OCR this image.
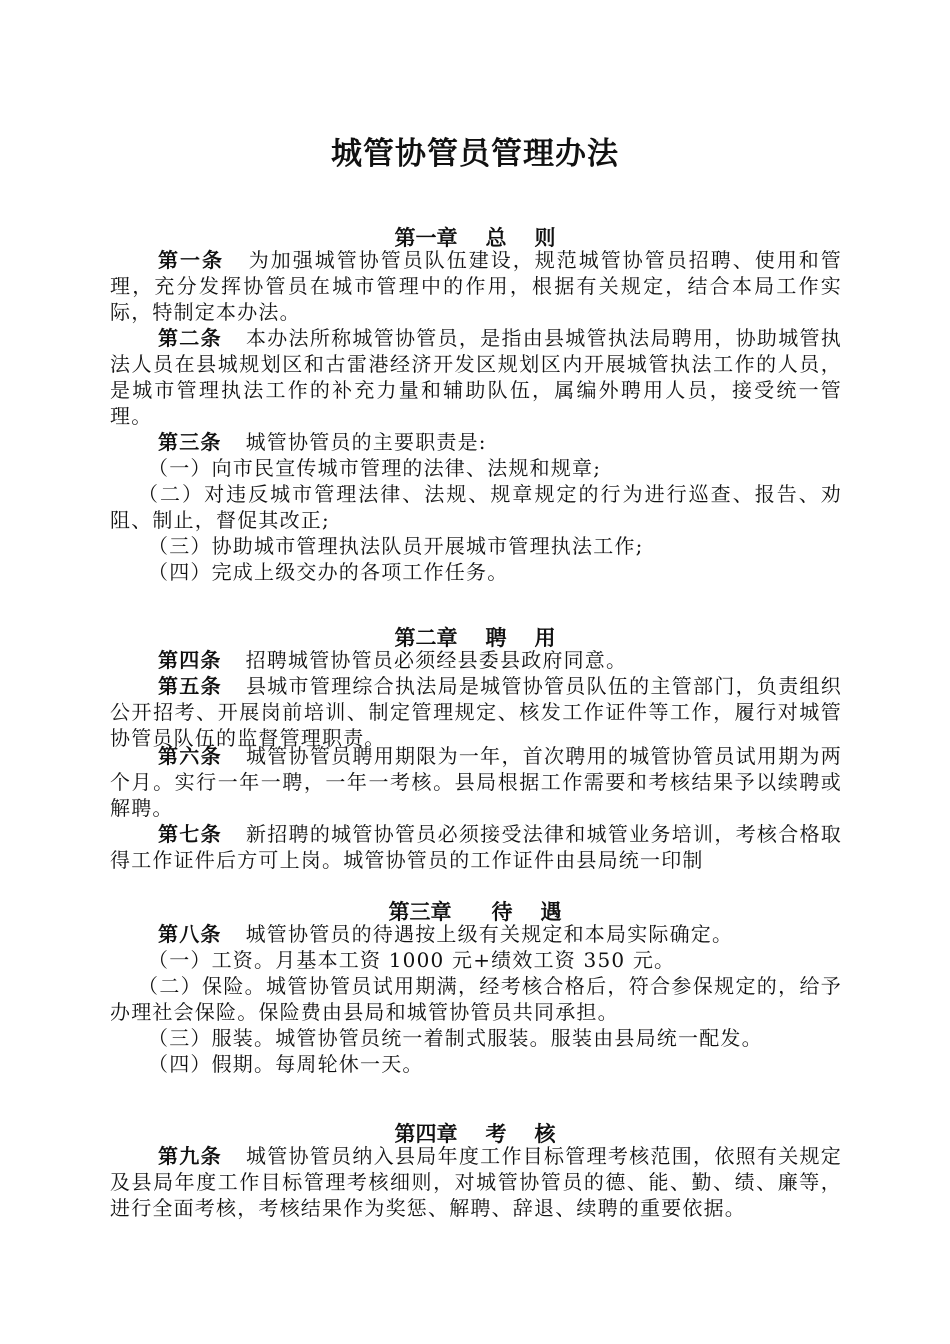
城管协管员管理办法
第一章 总 则
第一条 为加强城管协管员队伍建设，规范城管协管员招聘、使用和管理，充分发挥协管员在城市管理中的作用，根据有关规定，结合本局工作实际，特制定本办法。
第二条 本办法所称城管协管员，是指由县城管执法局聘用，协助城管执法人员在县城规划区和古雷港经济开发区规划区内开展城管执法工作的人员，是城市管理执法工作的补充力量和辅助队伍，属编外聘用人员，接受统一管理。
第三条 城管协管员的主要职责是:
（一）向市民宣传城市管理的法律、法规和规章;
（二）对违反城市管理法律、法规、规章规定的行为进行巡查、报告、劝阻、制止，督促其改正;
（三）协助城市管理执法队员开展城市管理执法工作;
（四）完成上级交办的各项工作任务。
第二章 聘 用
第四条 招聘城管协管员必须经县委县政府同意。
第五条 县城市管理综合执法局是城管协管员队伍的主管部门，负责组织公开招考、开展岗前培训、制定管理规定、核发工作证件等工作，履行对城管协管员队伍的监督管理职责。
第六条 城管协管员聘用期限为一年，首次聘用的城管协管员试用期为两个月。实行一年一聘，一年一考核。县局根据工作需要和考核结果予以续聘或解聘。
第七条 新招聘的城管协管员必须接受法律和城管业务培训，考核合格取得工作证件后方可上岗。城管协管员的工作证件由县局统一印制
第三章 待 遇
第八条 城管协管员的待遇按上级有关规定和本局实际确定。
（一）工资。月基本工资 1000 元+绩效工资 350 元。
（二）保险。城管协管员试用期满，经考核合格后，符合参保规定的，给予办理社会保险。保险费由县局和城管协管员共同承担。
（三）服装。城管协管员统一着制式服装。服装由县局统一配发。
（四）假期。每周轮休一天。
第四章 考 核
第九条 城管协管员纳入县局年度工作目标管理考核范围，依照有关规定及县局年度工作目标管理考核细则，对城管协管员的德、能、勤、绩、廉等，进行全面考核，考核结果作为奖惩、解聘、辞退、续聘的重要依据。
